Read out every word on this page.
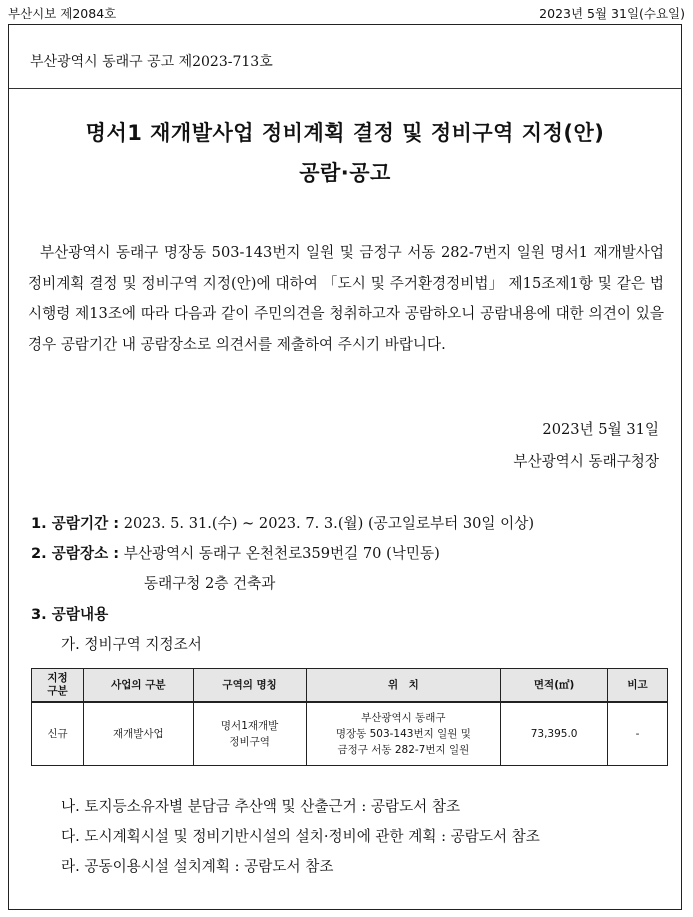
부산시보 제2084호	2023년 5월 31일(수요일)
부산광역시 동래구 공고 제2023-713호
명서1 재개발사업 정비계획 결정 및 정비구역 지정(안)
공람·공고
부산광역시 동래구 명장동 503-143번지 일원 및 금정구 서동 282-7번지 일원 명서1 재개발사업 정비계획 결정 및 정비구역 지정(안)에 대하여 「도시 및 주거환경정비법」 제15조제1항 및 같은 법 시행령 제13조에 따라 다음과 같이 주민의견을 청취하고자 공람하오니 공람내용에 대한 의견이 있을 경우 공람기간 내 공람장소로 의견서를 제출하여 주시기 바랍니다.
2023년 5월 31일
부산광역시 동래구청장
1. 공람기간 : 2023. 5. 31.(수) ~ 2023. 7. 3.(월) (공고일로부터 30일 이상)
2. 공람장소 : 부산광역시 동래구 온천천로359번길 70 (낙민동)
동래구청 2층 건축과
3. 공람내용
가. 정비구역 지정조서
지정
구분	사업의 구분	구역의 명칭	위　치	면적(㎡)	비고
신규	재개발사업	명서1재개발
정비구역	부산광역시 동래구
명장동 503-143번지 일원 및
금정구 서동 282-7번지 일원	73,395.0	-
나. 토지등소유자별 분담금 추산액 및 산출근거 : 공람도서 참조
다. 도시계획시설 및 정비기반시설의 설치·정비에 관한 계획 : 공람도서 참조
라. 공동이용시설 설치계획 : 공람도서 참조
